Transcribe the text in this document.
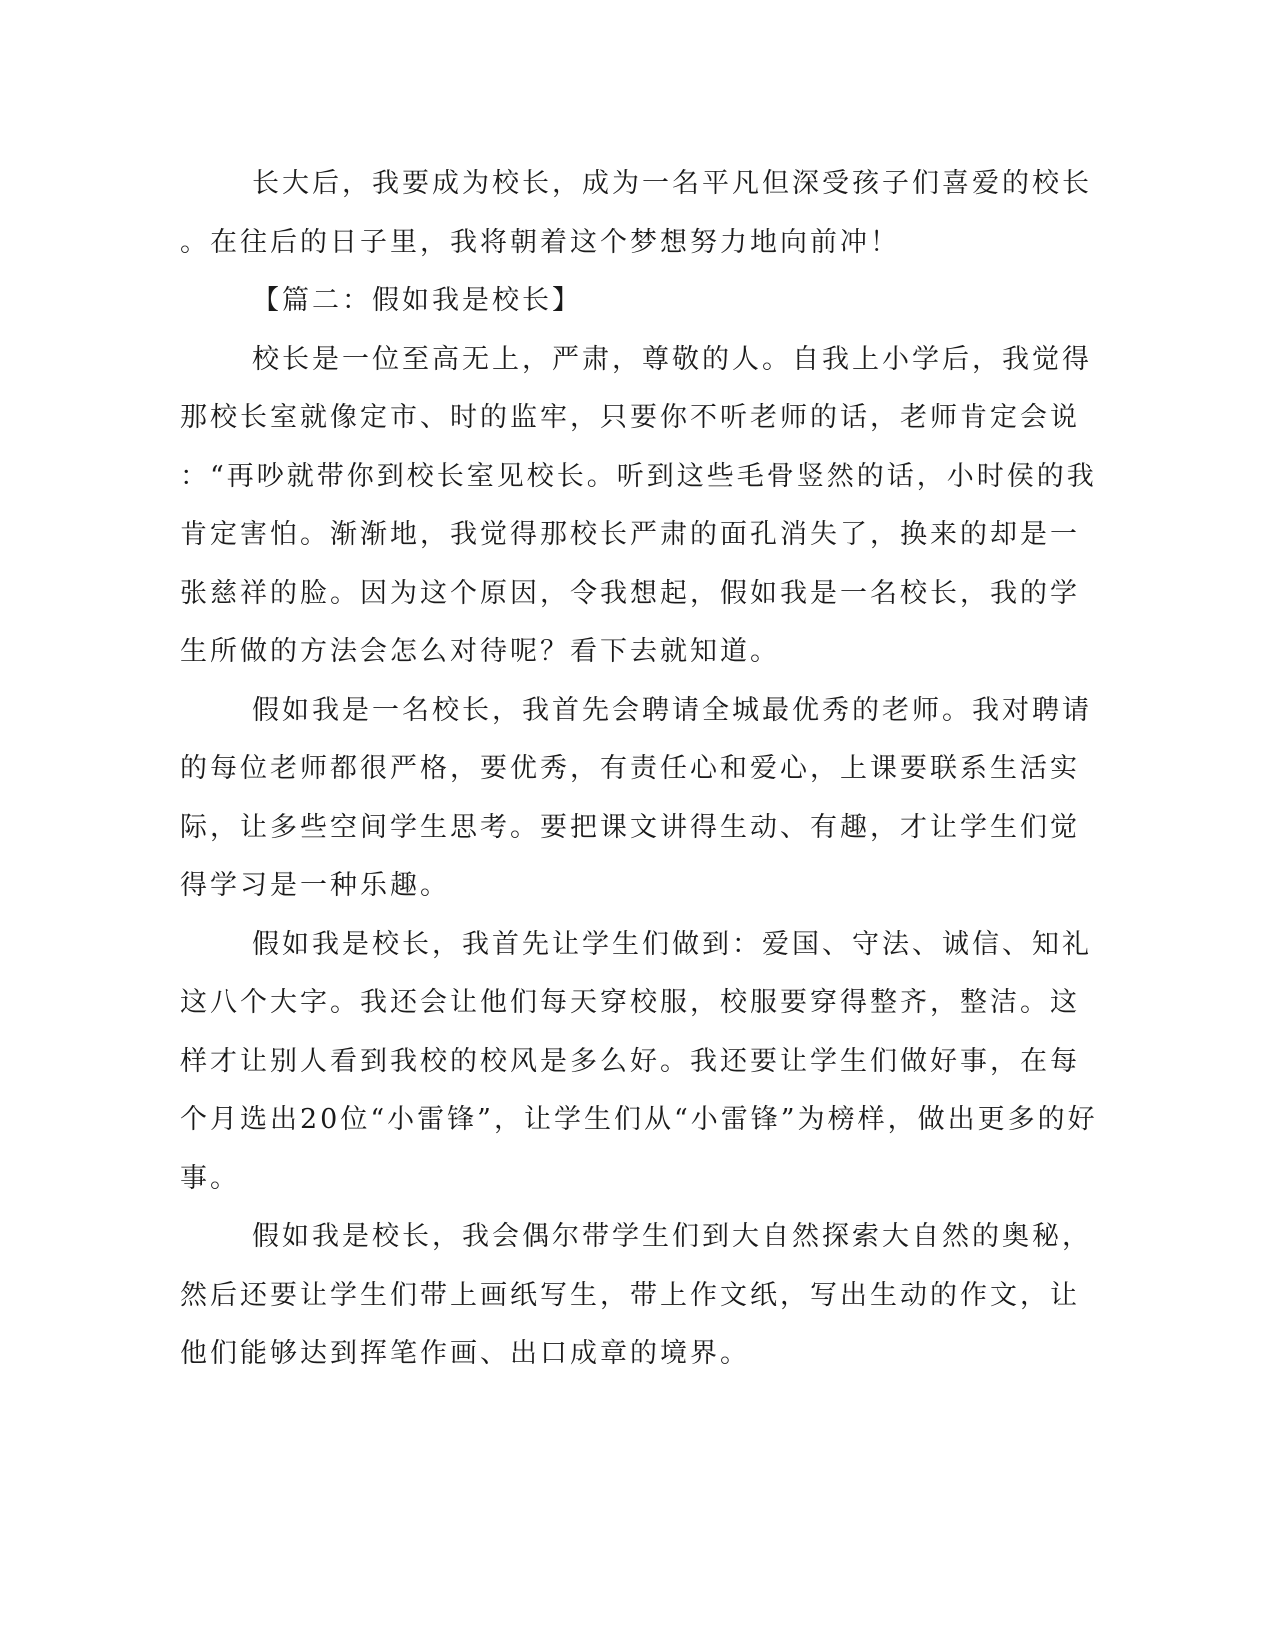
长大后，我要成为校长，成为一名平凡但深受孩子们喜爱的校长
。在往后的日子里，我将朝着这个梦想努力地向前冲！
【篇二：假如我是校长】
校长是一位至高无上，严肃，尊敬的人。自我上小学后，我觉得
那校长室就像定市、时的监牢，只要你不听老师的话，老师肯定会说
：“再吵就带你到校长室见校长。听到这些毛骨竖然的话，小时侯的我
肯定害怕。渐渐地，我觉得那校长严肃的面孔消失了，换来的却是一
张慈祥的脸。因为这个原因，令我想起，假如我是一名校长，我的学
生所做的方法会怎么对待呢？看下去就知道。
假如我是一名校长，我首先会聘请全城最优秀的老师。我对聘请
的每位老师都很严格，要优秀，有责任心和爱心，上课要联系生活实
际，让多些空间学生思考。要把课文讲得生动、有趣，才让学生们觉
得学习是一种乐趣。
假如我是校长，我首先让学生们做到：爱国、守法、诚信、知礼
这八个大字。我还会让他们每天穿校服，校服要穿得整齐，整洁。这
样才让别人看到我校的校风是多么好。我还要让学生们做好事，在每
个月选出20位“小雷锋”，让学生们从“小雷锋”为榜样，做出更多的好
事。
假如我是校长，我会偶尔带学生们到大自然探索大自然的奥秘，
然后还要让学生们带上画纸写生，带上作文纸，写出生动的作文，让
他们能够达到挥笔作画、出口成章的境界。
